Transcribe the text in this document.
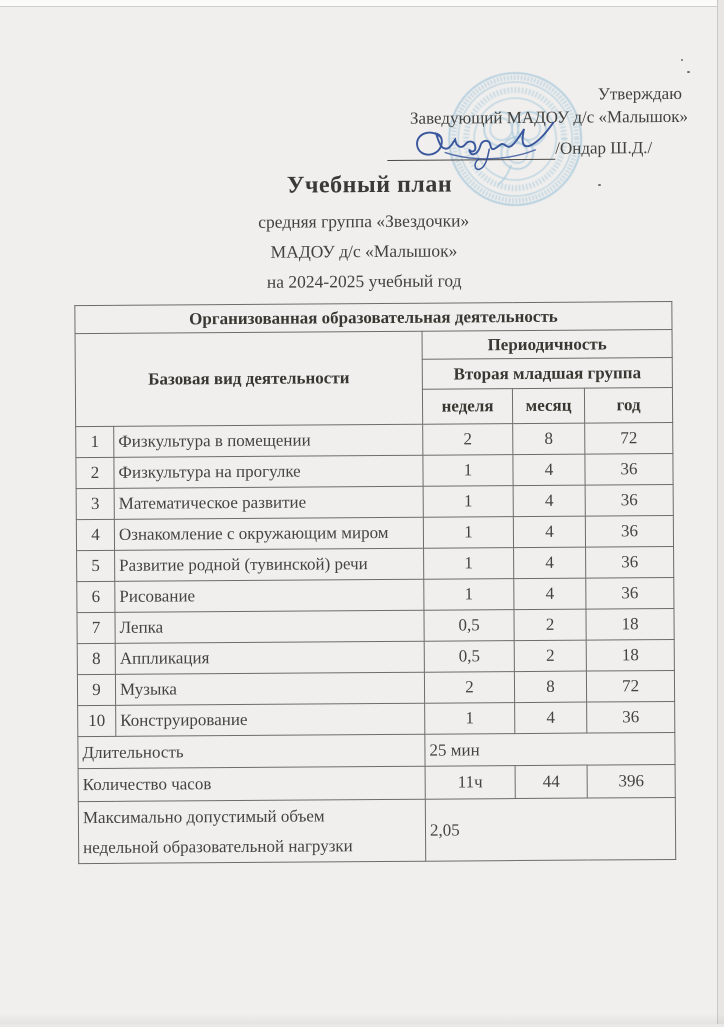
Утверждаю
Заведующий МАДОУ д/с «Малышок»
/Ондар Ш.Д./
Учебный план
средняя группа «Звездочки»
МАДОУ д/с «Малышок»
на 2024-2025 учебный год
Организованная образовательная деятельность				
Базовая вид деятельности		Периодичность		
		Вторая младшая группа		
		неделя	месяц	год
1	Физкультура в помещении	2	8	72
2	Физкультура на прогулке	1	4	36
3	Математическое развитие	1	4	36
4	Ознакомление с окружающим миром	1	4	36
5	Развитие родной (тувинской) речи	1	4	36
6	Рисование	1	4	36
7	Лепка	0,5	2	18
8	Аппликация	0,5	2	18
9	Музыка	2	8	72
10	Конструирование	1	4	36
Длительность		25 мин		
Количество часов		11ч	44	396

Максимально допустимый объем
недельной образовательной нагрузки		2,05		
